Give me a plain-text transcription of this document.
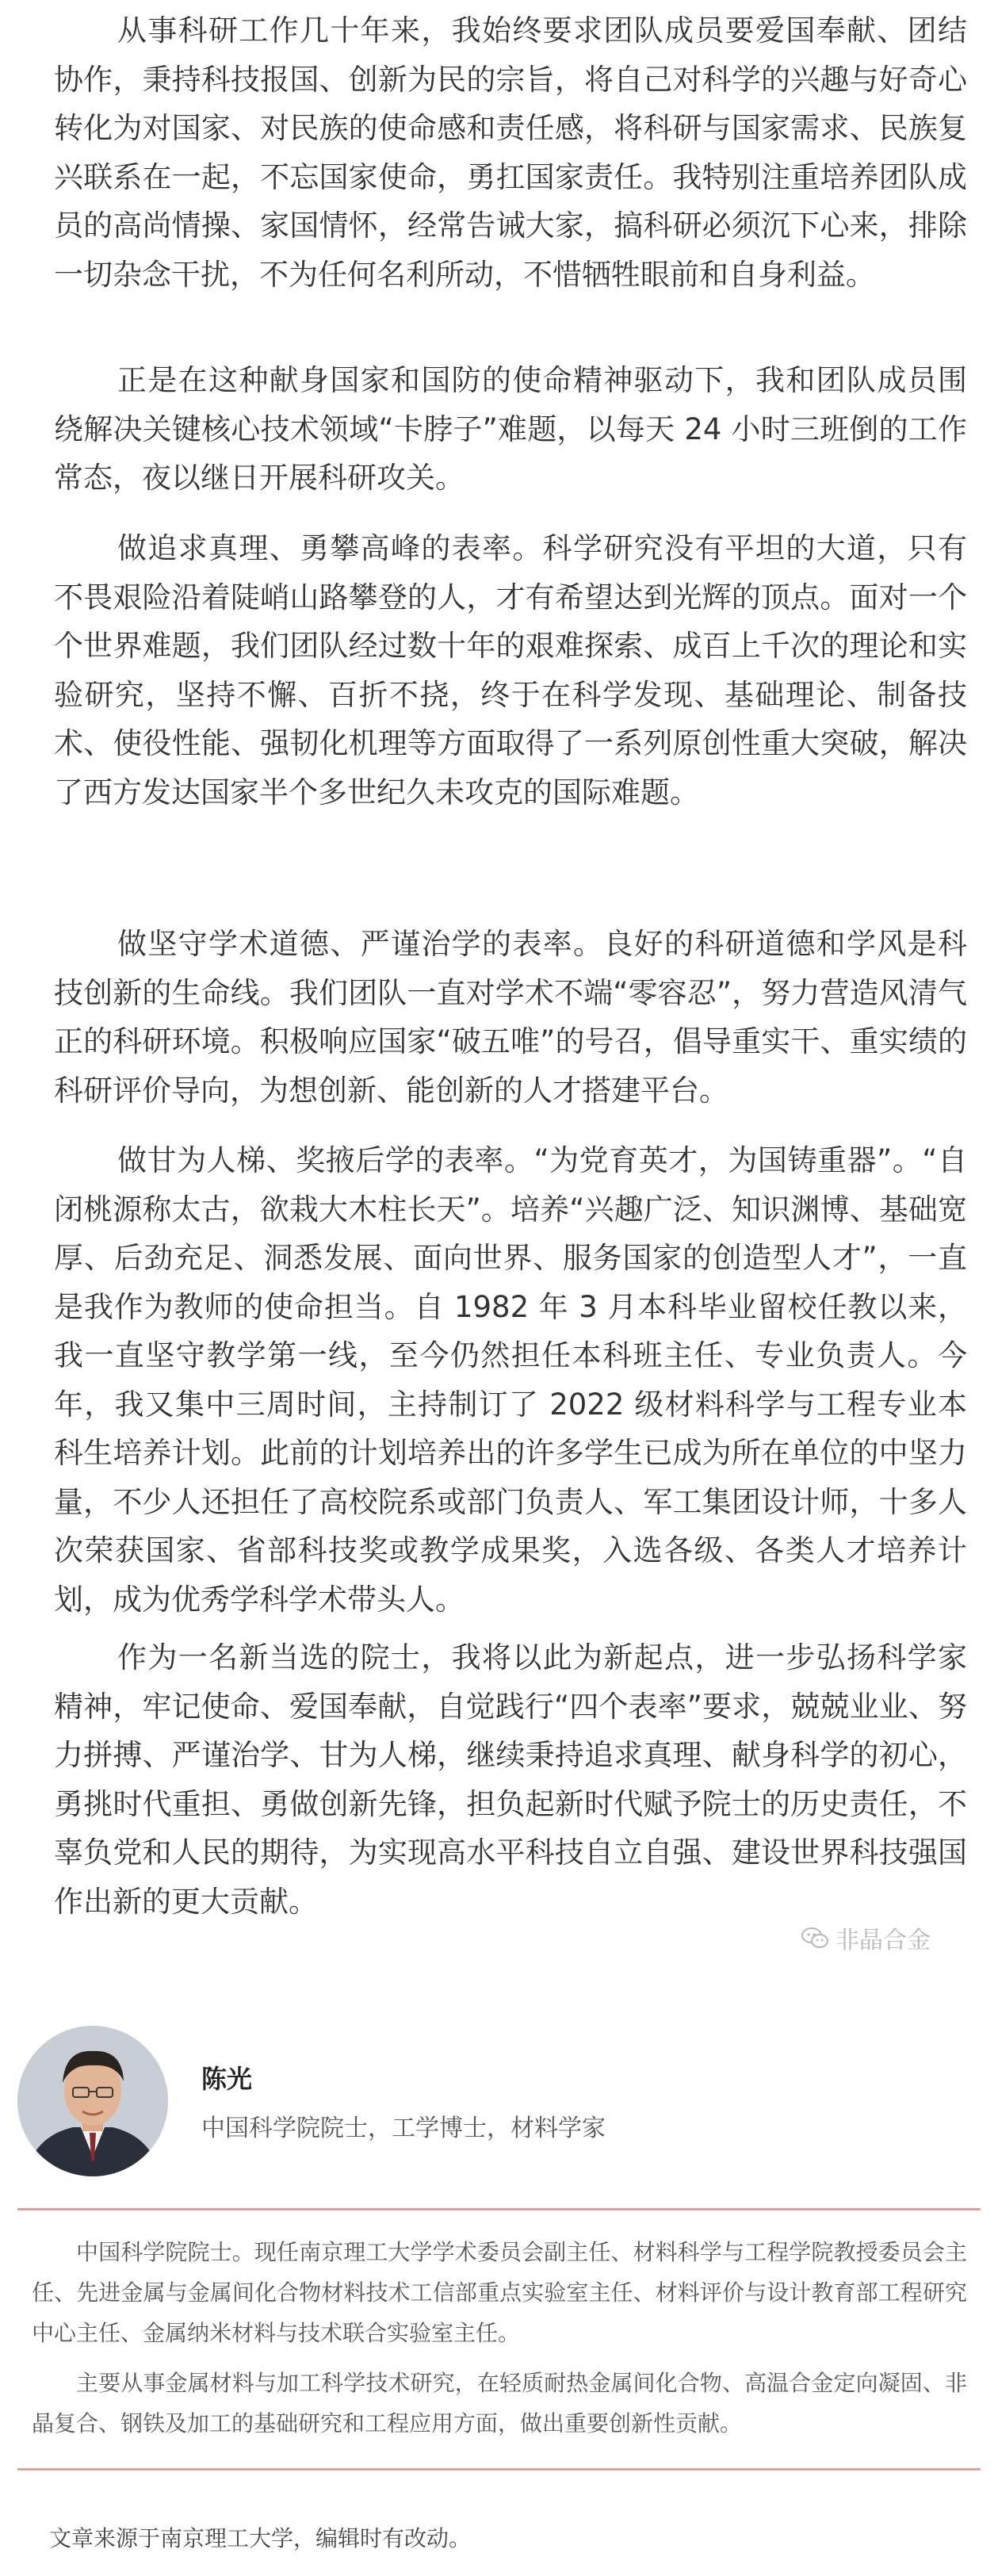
从事科研工作几十年来，我始终要求团队成员要爱国奉献、团结协作，秉持科技报国、创新为民的宗旨，将自己对科学的兴趣与好奇心转化为对国家、对民族的使命感和责任感，将科研与国家需求、民族复兴联系在一起，不忘国家使命，勇扛国家责任。我特别注重培养团队成员的高尚情操、家国情怀，经常告诫大家，搞科研必须沉下心来，排除一切杂念干扰，不为任何名利所动，不惜牺牲眼前和自身利益。

正是在这种献身国家和国防的使命精神驱动下，我和团队成员围绕解决关键核心技术领域“卡脖子”难题，以每天 24 小时三班倒的工作常态，夜以继日开展科研攻关。

做追求真理、勇攀高峰的表率。科学研究没有平坦的大道，只有不畏艰险沿着陡峭山路攀登的人，才有希望达到光辉的顶点。面对一个个世界难题，我们团队经过数十年的艰难探索、成百上千次的理论和实验研究，坚持不懈、百折不挠，终于在科学发现、基础理论、制备技术、使役性能、强韧化机理等方面取得了一系列原创性重大突破，解决了西方发达国家半个多世纪久未攻克的国际难题。

做坚守学术道德、严谨治学的表率。良好的科研道德和学风是科技创新的生命线。我们团队一直对学术不端“零容忍”，努力营造风清气正的科研环境。积极响应国家“破五唯”的号召，倡导重实干、重实绩的科研评价导向，为想创新、能创新的人才搭建平台。

做甘为人梯、奖掖后学的表率。“为党育英才，为国铸重器”。“自闭桃源称太古，欲栽大木柱长天”。培养“兴趣广泛、知识渊博、基础宽厚、后劲充足、洞悉发展、面向世界、服务国家的创造型人才”，一直是我作为教师的使命担当。自 1982 年 3 月本科毕业留校任教以来，我一直坚守教学第一线，至今仍然担任本科班主任、专业负责人。今年，我又集中三周时间，主持制订了 2022 级材料科学与工程专业本科生培养计划。此前的计划培养出的许多学生已成为所在单位的中坚力量，不少人还担任了高校院系或部门负责人、军工集团设计师，十多人次荣获国家、省部科技奖或教学成果奖，入选各级、各类人才培养计划，成为优秀学科学术带头人。

作为一名新当选的院士，我将以此为新起点，进一步弘扬科学家精神，牢记使命、爱国奉献，自觉践行“四个表率”要求，兢兢业业、努力拼搏、严谨治学、甘为人梯，继续秉持追求真理、献身科学的初心，勇挑时代重担、勇做创新先锋，担负起新时代赋予院士的历史责任，不辜负党和人民的期待，为实现高水平科技自立自强、建设世界科技强国作出新的更大贡献。

非晶合金
陈光
中国科学院院士，工学博士，材料学家

中国科学院院士。现任南京理工大学学术委员会副主任、材料科学与工程学院教授委员会主任、先进金属与金属间化合物材料技术工信部重点实验室主任、材料评价与设计教育部工程研究中心主任、金属纳米材料与技术联合实验室主任。

主要从事金属材料与加工科学技术研究，在轻质耐热金属间化合物、高温合金定向凝固、非晶复合、钢铁及加工的基础研究和工程应用方面，做出重要创新性贡献。

文章来源于南京理工大学，编辑时有改动。
